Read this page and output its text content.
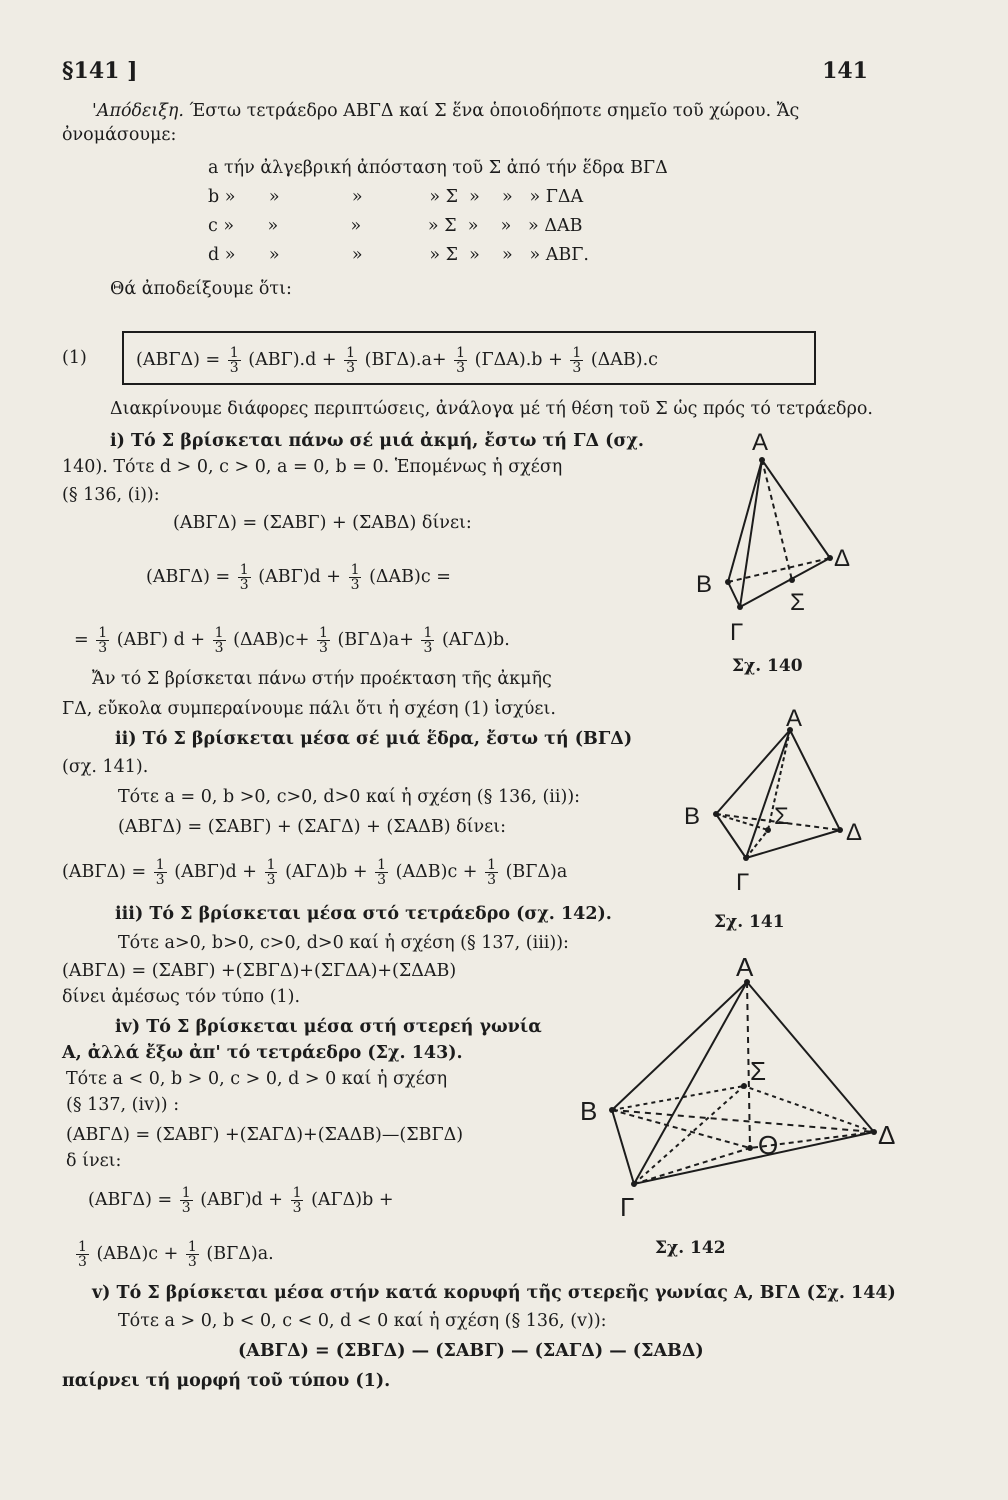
§141 ]	141
'Απόδειξη. Έστω τετράεδρο ΑΒΓΔ καί Σ ἕνα ὁποιοδήποτε σημεῖο τοῦ χώρου. Ἄς
ὀνομάσουμε:
a τήν ἀλγεβρική ἀπόσταση τοῦ Σ ἀπό τήν ἕδρα ΒΓΔ
b »      »             »            » Σ  »    »   » ΓΔΑ
c »      »             »            » Σ  »    »   » ΔΑΒ
d »      »             »            » Σ  »    »   » ΑΒΓ.
Θά ἀποδείξουμε ὅτι:
(1)	$(AB\Gamma\Delta) = \frac{1}{3} (AB\Gamma).d + \frac{1}{3} (B\Gamma\Delta).a+ \frac{1}{3} (\Gamma\Delta A).b + \frac{1}{3} (\Delta AB).c$
Διακρίνουμε διάφορες περιπτώσεις, ἀνάλογα μέ τή θέση τοῦ Σ ὡς πρός τό τετράεδρο.
i) Τό Σ βρίσκεται πάνω σέ μιά ἀκμή, ἔστω τή ΓΔ (σχ.
140). Τότε d > 0, c > 0, a = 0, b = 0. Ἑπομένως ἡ σχέση
(§ 136, (i)):
(ΑΒΓΔ) = (ΣΑΒΓ) + (ΣΑΒΔ) δίνει:
$(AB\Gamma\Delta) = \frac{1}{3} (AB\Gamma)d + \frac{1}{3} (\Delta AB)c$ =
= $\frac{1}{3} (AB\Gamma) d + \frac{1}{3} (\Delta AB)c+ \frac{1}{3} (B\Gamma\Delta)a+ \frac{1}{3} (A\Gamma\Delta)b$.
Ἄν τό Σ βρίσκεται πάνω στήν προέκταση τῆς ἀκμῆς
ΓΔ, εὔκολα συμπεραίνουμε πάλι ὅτι ἡ σχέση (1) ἰσχύει.
ii) Τό Σ βρίσκεται μέσα σέ μιά ἕδρα, ἔστω τή (ΒΓΔ)
(σχ. 141).
Τότε a = 0, b >0, c>0, d>0 καί ἡ σχέση (§ 136, (ii)):
(ΑΒΓΔ) = (ΣΑΒΓ) + (ΣΑΓΔ) + (ΣΑΔΒ) δίνει:
$(AB\Gamma\Delta) = \frac{1}{3} (AB\Gamma)d + \frac{1}{3} (A\Gamma\Delta)b + \frac{1}{3} (A\Delta B)c + \frac{1}{3} (B\Gamma\Delta)a$
iii) Τό Σ βρίσκεται μέσα στό τετράεδρο (σχ. 142).
Τότε a>0, b>0, c>0, d>0 καί ἡ σχέση (§ 137, (iii)):
(ΑΒΓΔ) = (ΣΑΒΓ) +(ΣΒΓΔ)+(ΣΓΔΑ)+(ΣΔΑΒ)
δίνει ἀμέσως τόν τύπο (1).
iv) Τό Σ βρίσκεται μέσα στή στερεή γωνία
Α, ἀλλά ἔξω ἀπ' τό τετράεδρο (Σχ. 143).
Τότε a < 0, b > 0, c > 0, d > 0 καί ἡ σχέση
(§ 137, (iv)) :
(ΑΒΓΔ) = (ΣΑΒΓ) +(ΣΑΓΔ)+(ΣΑΔΒ)—(ΣΒΓΔ)
δ ίνει:
$(AB\Gamma\Delta) = \frac{1}{3} (AB\Gamma)d + \frac{1}{3} (A\Gamma\Delta)b$ +
$\frac{1}{3} (AB\Delta)c + \frac{1}{3} (B\Gamma\Delta)a$.
v) Τό Σ βρίσκεται μέσα στήν κατά κορυφή τῆς στερεῆς γωνίας Α, ΒΓΔ (Σχ. 144)
Τότε a > 0, b < 0, c < 0, d < 0 καί ἡ σχέση (§ 136, (v)):
(ΑΒΓΔ) = (ΣΒΓΔ) — (ΣΑΒΓ) — (ΣΑΓΔ) — (ΣΑΒΔ)
παίρνει τή μορφή τοῦ τύπου (1).
Α
Β
Γ
Δ
Σ
Σχ. 140
Α
Β
Γ
Δ
Σ
Σχ. 141
Α
Β
Γ
Δ
Σ
Ο
Σχ. 142
